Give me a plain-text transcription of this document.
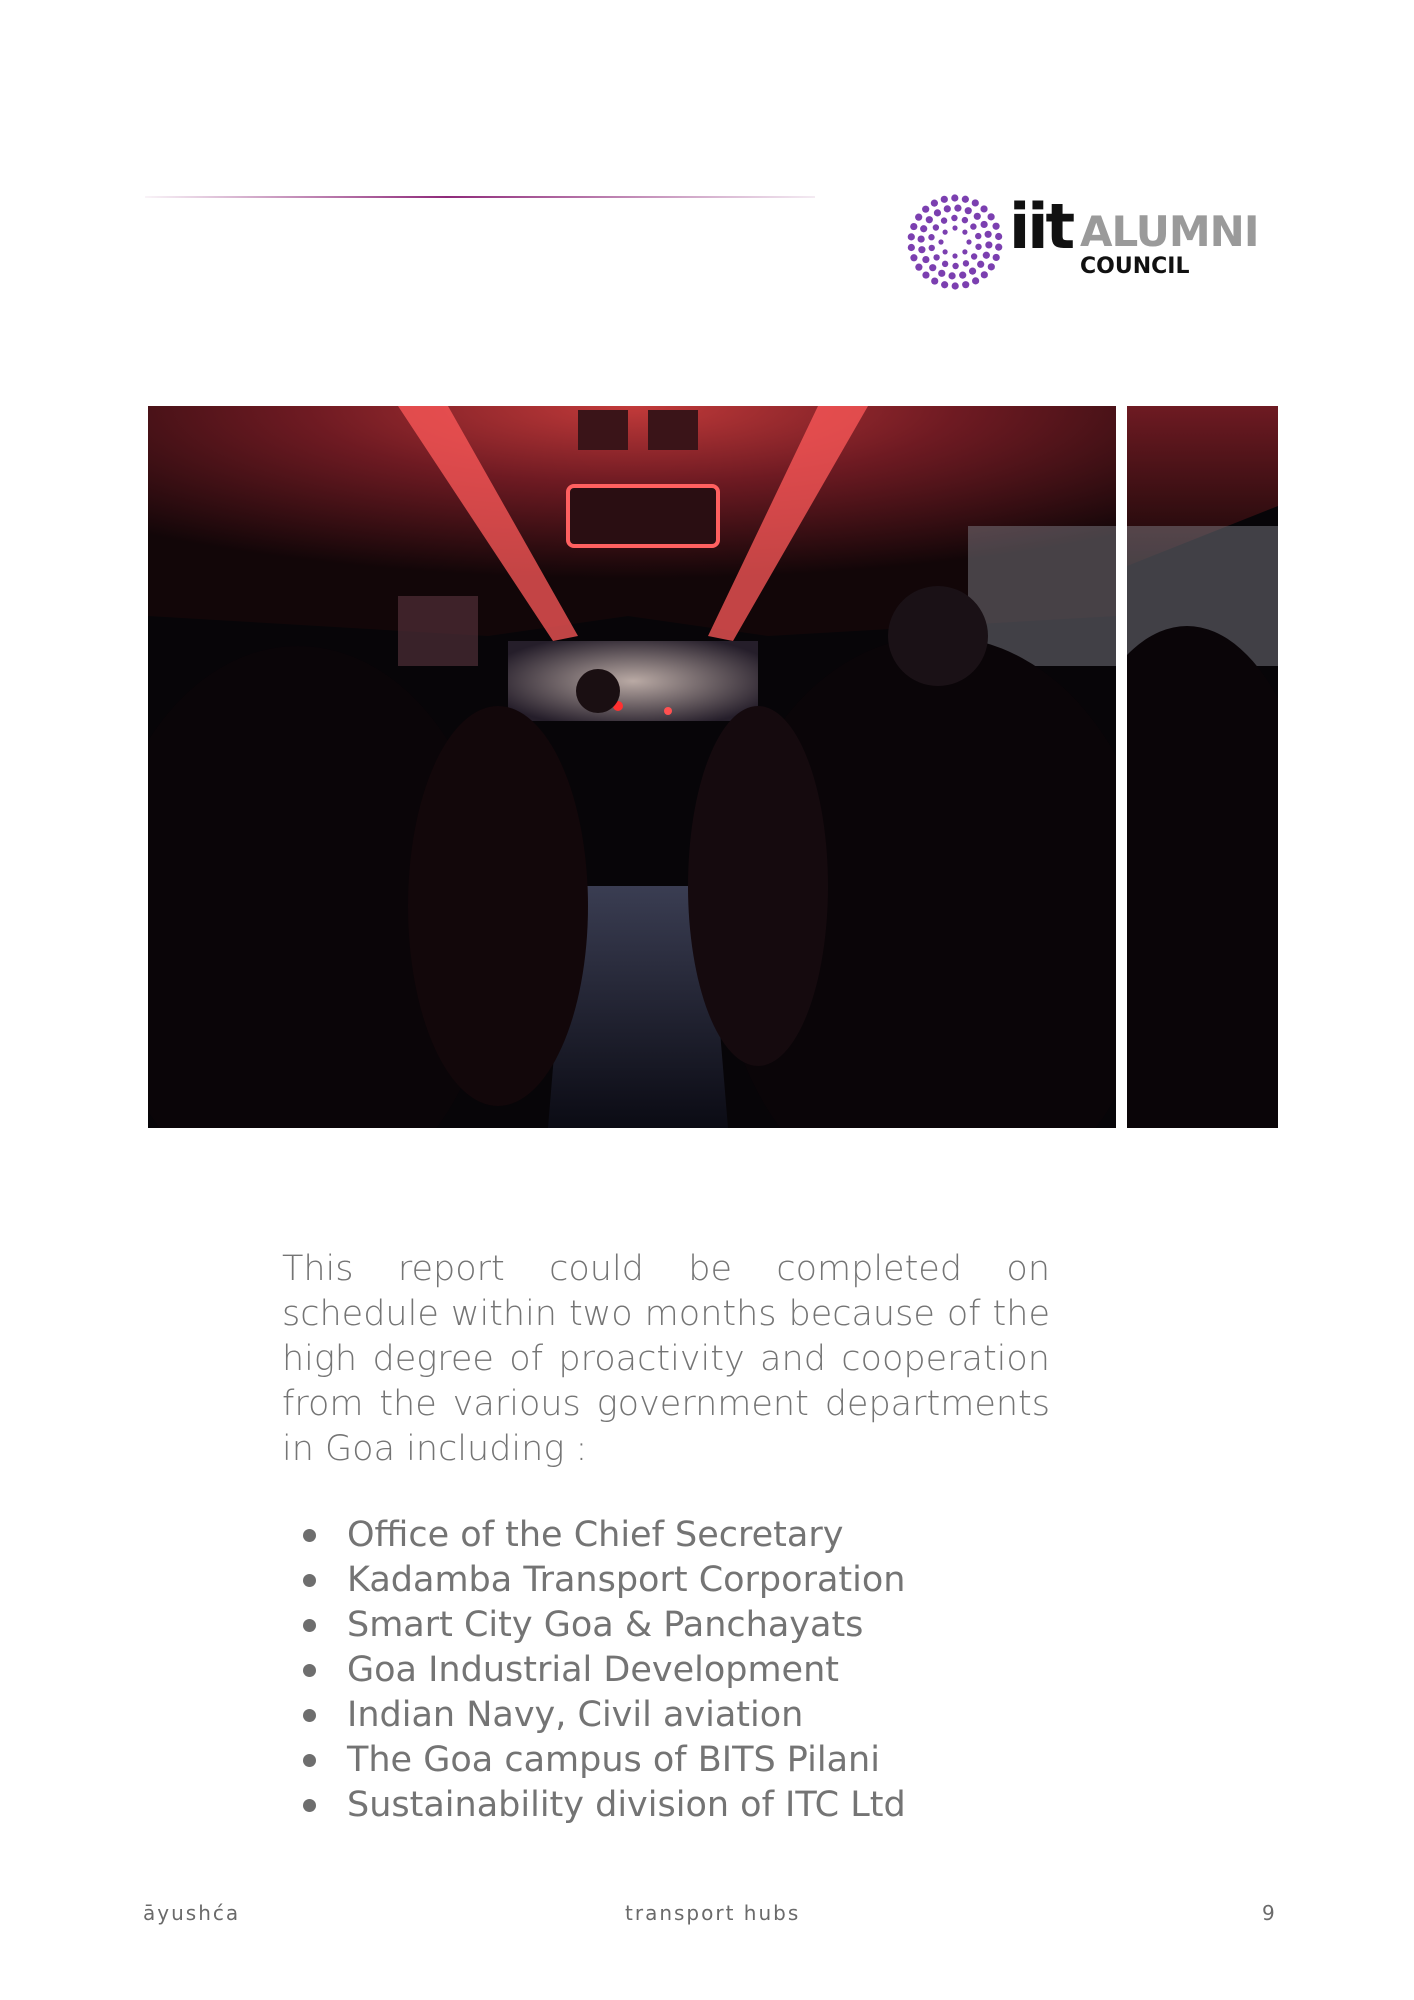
iit ALUMNI
COUNCIL

This report could be completed on schedule within two months because of the high degree of proactivity and cooperation from the various government departments in Goa including :

Office of the Chief Secretary
Kadamba Transport Corporation
Smart City Goa & Panchayats
Goa Industrial Development
Indian Navy, Civil aviation
The Goa campus of BITS Pilani
Sustainability division of ITC Ltd
āyushća	transport hubs	9
